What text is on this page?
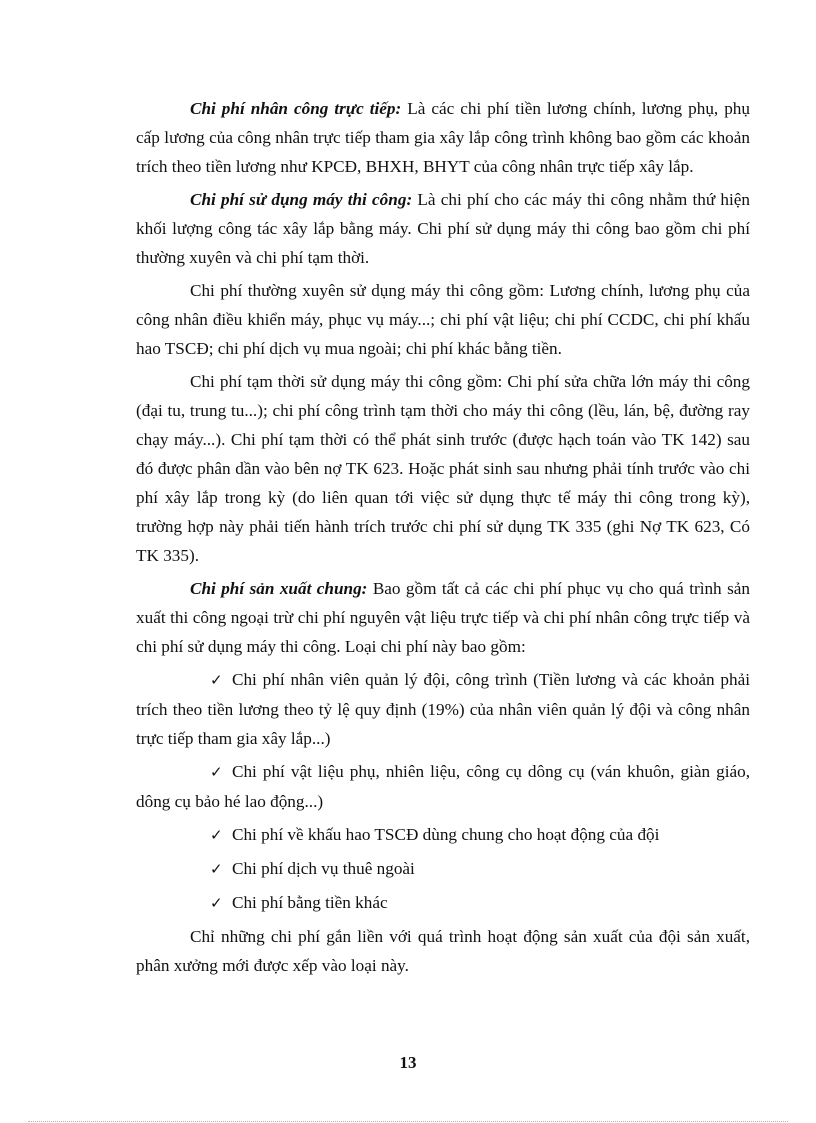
Chi phí nhân công trực tiếp: Là các chi phí tiền lương chính, lương phụ, phụ cấp lương của công nhân trực tiếp tham gia xây lắp công trình không bao gồm các khoản trích theo tiền lương như KPCĐ, BHXH, BHYT của công nhân trực tiếp xây lắp.

Chi phí sử dụng máy thi công: Là chi phí cho các máy thi công nhằm thứ hiện khối lượng công tác xây lắp bằng máy. Chi phí sử dụng máy thi công bao gồm chi phí thường xuyên và chi phí tạm thời.

Chi phí thường xuyên sử dụng máy thi công gồm: Lương chính, lương phụ của công nhân điều khiển máy, phục vụ máy...; chi phí vật liệu; chi phí CCDC, chi phí khấu hao TSCĐ; chi phí dịch vụ mua ngoài; chi phí khác bằng tiền.

Chi phí tạm thời sử dụng máy thi công gồm: Chi phí sửa chữa lớn máy thi công (đại tu, trung tu...); chi phí công trình tạm thời cho máy thi công (lều, lán, bệ, đường ray chạy máy...). Chi phí tạm thời có thể phát sinh trước (được hạch toán vào TK 142) sau đó được phân dần vào bên nợ TK 623. Hoặc phát sinh sau nhưng phải tính trước vào chi phí xây lắp trong kỳ (do liên quan tới việc sử dụng thực tế máy thi công trong kỳ), trường hợp này phải tiến hành trích trước chi phí sử dụng TK 335 (ghi Nợ TK 623, Có TK 335).

Chi phí sản xuất chung: Bao gồm tất cả các chi phí phục vụ cho quá trình sản xuất thi công ngoại trừ chi phí nguyên vật liệu trực tiếp và chi phí nhân công trực tiếp và chi phí sử dụng máy thi công. Loại chi phí này bao gồm:

✓ Chi phí nhân viên quản lý đội, công trình (Tiền lương và các khoản phải trích theo tiền lương theo tỷ lệ quy định (19%) của nhân viên quản lý đội và công nhân trực tiếp tham gia xây lắp...)

✓ Chi phí vật liệu phụ, nhiên liệu, công cụ dông cụ (ván khuôn, giàn giáo, dông cụ bảo hé lao động...)

✓ Chi phí về khấu hao TSCĐ dùng chung cho hoạt động của đội

✓ Chi phí dịch vụ thuê ngoài

✓ Chi phí bằng tiền khác

Chỉ những chi phí gắn liền với quá trình hoạt động sản xuất của đội sản xuất, phân xưởng mới được xếp vào loại này.

13
